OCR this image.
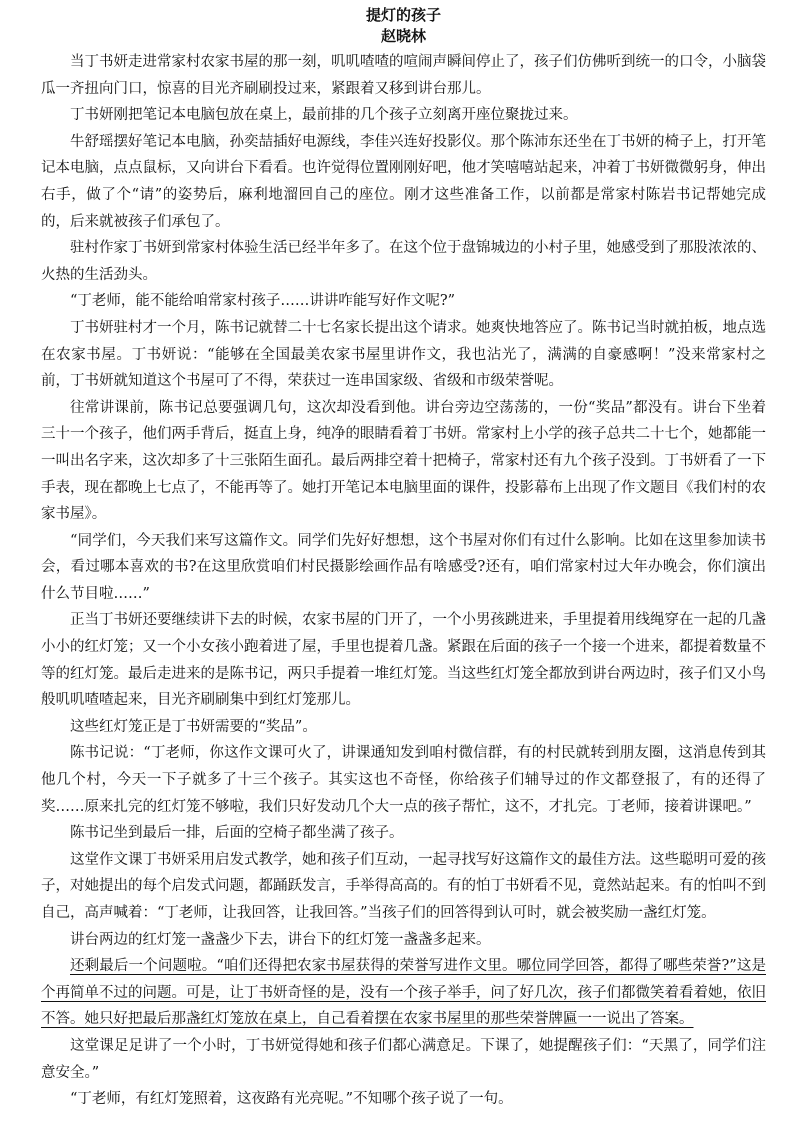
提灯的孩子
赵晓林

当丁书妍走进常家村农家书屋的那一刻，叽叽喳喳的喧闹声瞬间停止了，孩子们仿佛听到统一的口令，小脑袋瓜一齐扭向门口，惊喜的目光齐刷刷投过来，紧跟着又移到讲台那儿。

丁书妍刚把笔记本电脑包放在桌上，最前排的几个孩子立刻离开座位聚拢过来。

牛舒瑶摆好笔记本电脑，孙奕喆插好电源线，李佳兴连好投影仪。那个陈沛东还坐在丁书妍的椅子上，打开笔记本电脑，点点鼠标，又向讲台下看看。也许觉得位置刚刚好吧，他才笑嘻嘻站起来，冲着丁书妍微微躬身，伸出右手，做了个“请”的姿势后，麻利地溜回自己的座位。刚才这些准备工作，以前都是常家村陈岩书记帮她完成的，后来就被孩子们承包了。

驻村作家丁书妍到常家村体验生活已经半年多了。在这个位于盘锦城边的小村子里，她感受到了那股浓浓的、火热的生活劲头。

“丁老师，能不能给咱常家村孩子……讲讲咋能写好作文呢?”

丁书妍驻村才一个月，陈书记就替二十七名家长提出这个请求。她爽快地答应了。陈书记当时就拍板，地点选在农家书屋。丁书妍说：“能够在全国最美农家书屋里讲作文，我也沾光了，满满的自豪感啊！”没来常家村之前，丁书妍就知道这个书屋可了不得，荣获过一连串国家级、省级和市级荣誉呢。

往常讲课前，陈书记总要强调几句，这次却没看到他。讲台旁边空荡荡的，一份“奖品”都没有。讲台下坐着三十一个孩子，他们两手背后，挺直上身，纯净的眼睛看着丁书妍。常家村上小学的孩子总共二十七个，她都能一一叫出名字来，这次却多了十三张陌生面孔。最后两排空着十把椅子，常家村还有九个孩子没到。丁书妍看了一下手表，现在都晚上七点了，不能再等了。她打开笔记本电脑里面的课件，投影幕布上出现了作文题目《我们村的农家书屋》。

“同学们，今天我们来写这篇作文。同学们先好好想想，这个书屋对你们有过什么影响。比如在这里参加读书会，看过哪本喜欢的书?在这里欣赏咱们村民摄影绘画作品有啥感受?还有，咱们常家村过大年办晚会，你们演出什么节目啦……”

正当丁书妍还要继续讲下去的时候，农家书屋的门开了，一个小男孩跳进来，手里提着用线绳穿在一起的几盏小小的红灯笼；又一个小女孩小跑着进了屋，手里也提着几盏。紧跟在后面的孩子一个接一个进来，都提着数量不等的红灯笼。最后走进来的是陈书记，两只手提着一堆红灯笼。当这些红灯笼全都放到讲台两边时，孩子们又小鸟般叽叽喳喳起来，目光齐刷刷集中到红灯笼那儿。

这些红灯笼正是丁书妍需要的“奖品”。

陈书记说：“丁老师，你这作文课可火了，讲课通知发到咱村微信群，有的村民就转到朋友圈，这消息传到其他几个村，今天一下子就多了十三个孩子。其实这也不奇怪，你给孩子们辅导过的作文都登报了，有的还得了奖……原来扎完的红灯笼不够啦，我们只好发动几个大一点的孩子帮忙，这不，才扎完。丁老师，接着讲课吧。”

陈书记坐到最后一排，后面的空椅子都坐满了孩子。

这堂作文课丁书妍采用启发式教学，她和孩子们互动，一起寻找写好这篇作文的最佳方法。这些聪明可爱的孩子，对她提出的每个启发式问题，都踊跃发言，手举得高高的。有的怕丁书妍看不见，竟然站起来。有的怕叫不到自己，高声喊着：“丁老师，让我回答，让我回答。”当孩子们的回答得到认可时，就会被奖励一盏红灯笼。

讲台两边的红灯笼一盏盏少下去，讲台下的红灯笼一盏盏多起来。

还剩最后一个问题啦。“咱们还得把农家书屋获得的荣誉写进作文里。哪位同学回答，都得了哪些荣誉?”这是个再简单不过的问题。可是，让丁书妍奇怪的是，没有一个孩子举手，问了好几次，孩子们都微笑着看着她，依旧不答。她只好把最后那盏红灯笼放在桌上，自己看着摆在农家书屋里的那些荣誉牌匾一一说出了答案。

这堂课足足讲了一个小时，丁书妍觉得她和孩子们都心满意足。下课了，她提醒孩子们：“天黑了，同学们注意安全。”

“丁老师，有红灯笼照着，这夜路有光亮呢。”不知哪个孩子说了一句。
